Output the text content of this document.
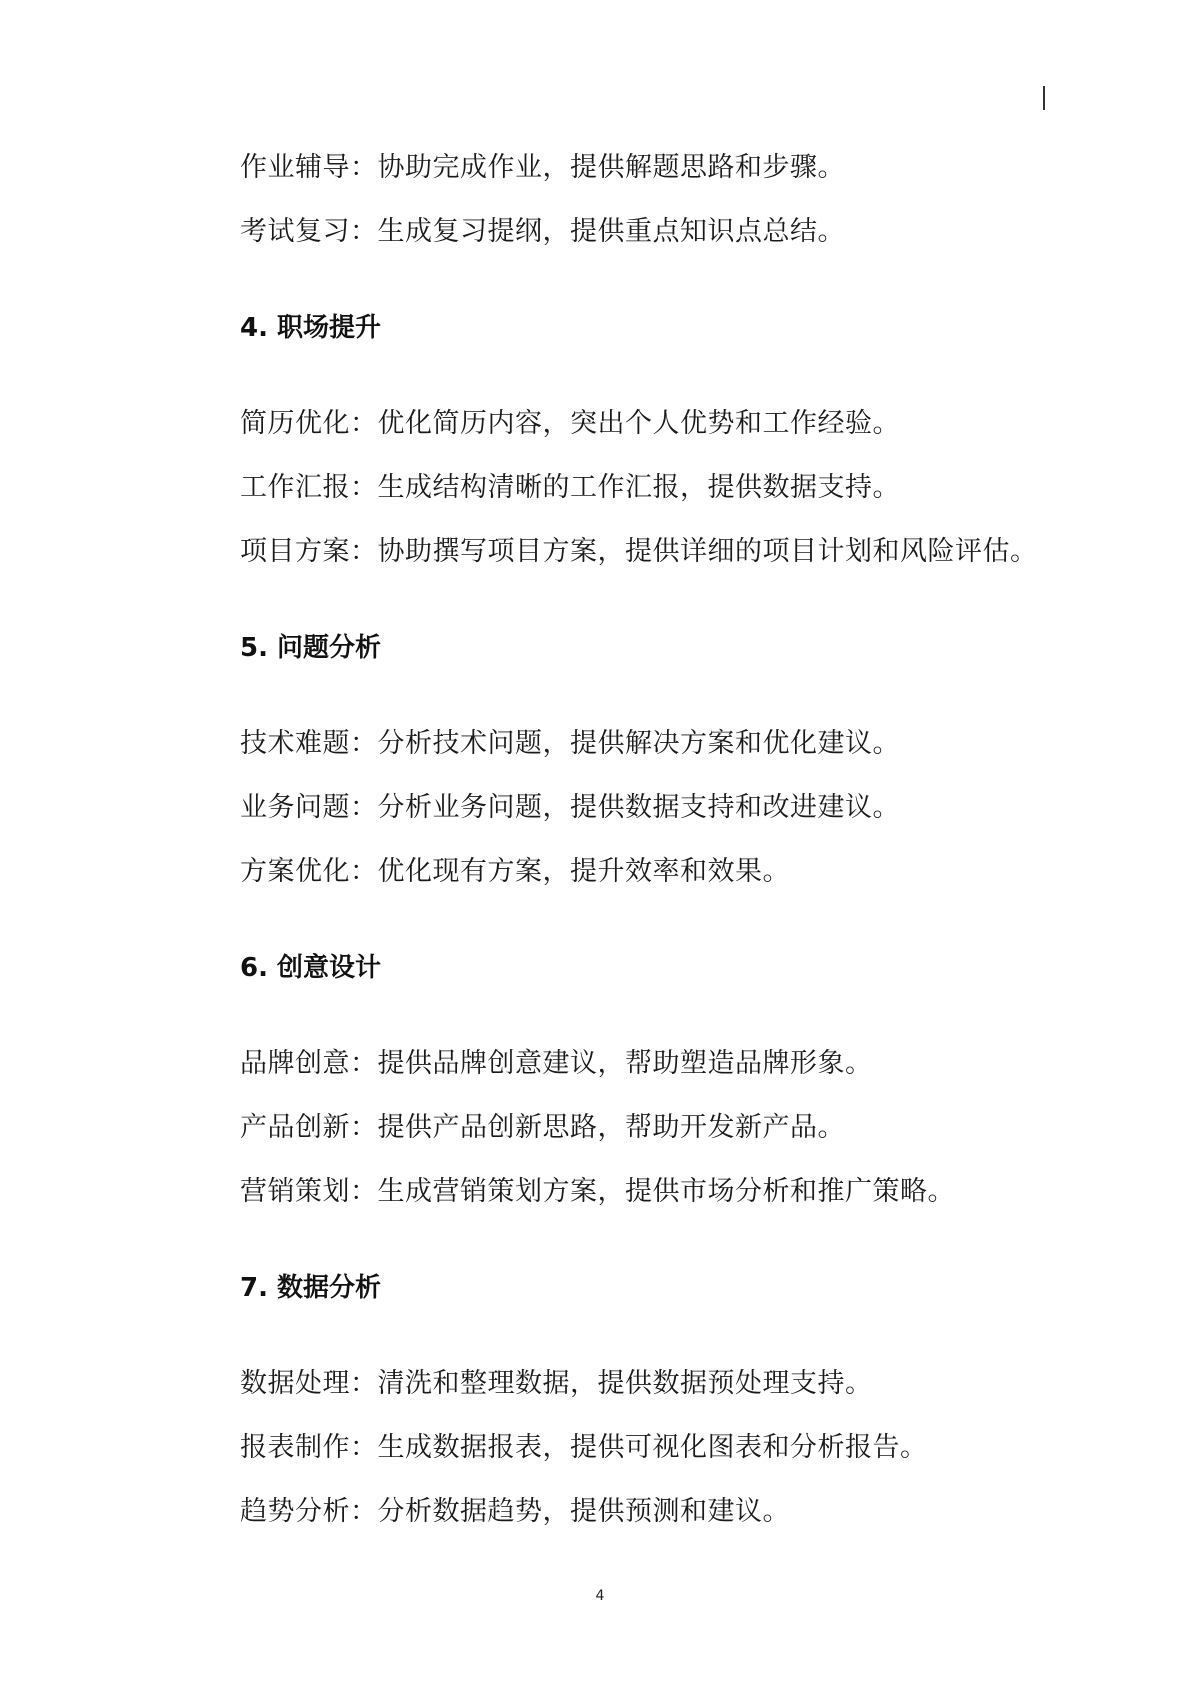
作业辅导：协助完成作业，提供解题思路和步骤。
考试复习：生成复习提纲，提供重点知识点总结。
4. 职场提升
简历优化：优化简历内容，突出个人优势和工作经验。
工作汇报：生成结构清晰的工作汇报，提供数据支持。
项目方案：协助撰写项目方案，提供详细的项目计划和风险评估。
5. 问题分析
技术难题：分析技术问题，提供解决方案和优化建议。
业务问题：分析业务问题，提供数据支持和改进建议。
方案优化：优化现有方案，提升效率和效果。
6. 创意设计
品牌创意：提供品牌创意建议，帮助塑造品牌形象。
产品创新：提供产品创新思路，帮助开发新产品。
营销策划：生成营销策划方案，提供市场分析和推广策略。
7. 数据分析
数据处理：清洗和整理数据，提供数据预处理支持。
报表制作：生成数据报表，提供可视化图表和分析报告。
趋势分析：分析数据趋势，提供预测和建议。
4
